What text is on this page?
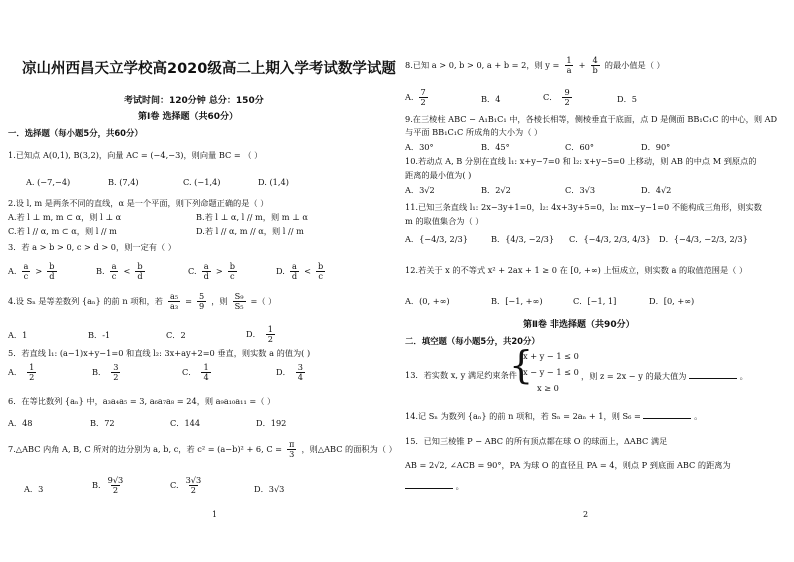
凉山州西昌天立学校高2020级高二上期入学考试数学试题
考试时间：120分钟 总分：150分
第Ⅰ卷 选择题（共60分）
一．选择题（每小题5分，共60分）
1.已知点 A(0,1), B(3,2)，向量 AC = (−4,−3)，则向量 BC = （ ）
A. (−7,−4)	B. (7,4)	C. (−1,4)	D. (1,4)
2.设 l, m 是两条不同的直线，α 是一个平面，则下列命题正确的是（ ）
A.若 l ⊥ m, m ⊂ α，则 l ⊥ α	B.若 l ⊥ α, l // m，则 m ⊥ α
C.若 l // α, m ⊂ α，则 l // m	D.若 l // α, m // α，则 l // m
3．若 a > b > 0, c > d > 0，则一定有（ ）
A. $\frac{a}{c} > \frac{b}{d}$	B. $\frac{a}{c} < \frac{b}{d}$	C. $\frac{a}{d} > \frac{b}{c}$	D. $\frac{a}{d} < \frac{b}{c}$
4.设 Sₙ 是等差数列 {aₙ} 的前 n 项和，若 $\frac{\text{a₅}}{\text{a₃}} = \frac{5}{9}$ ，则 $\frac{\text{S₉}}{\text{S₅}}$ =（ ）
A．1	B．-1	C．2	D． $\frac{1}{2}$
5．若直线 l₁: (a−1)x+y−1=0 和直线 l₂: 3x+ay+2=0 垂直，则实数 a 的值为( )
A． $\frac{1}{2}$	B． $\frac{3}{2}$	C． $\frac{1}{4}$	D． $\frac{3}{4}$
6．在等比数列 {aₙ} 中，a₃a₄a₅ = 3, a₆a₇a₈ = 24，则 a₉a₁₀a₁₁ =（ ）
A．48	B．72	C．144	D．192
7.△ABC 内角 A, B, C 所对的边分别为 a, b, c，若 c² = (a−b)² + 6, $C = \frac{\pi}{3}$ ，则△ABC 的面积为（ ）
A．3	B. $\frac{9√3}{2}$	C. $\frac{3√3}{2}$	D．3√3
1
8.已知 a > 0, b > 0, a + b = 2，则 $y = \frac{1}{a} + \frac{4}{b}$ 的最小值是（ ）
A. $\frac{7}{2}$	B．4	C． $\frac{9}{2}$	D．5
9.在三棱柱 ABC − A₁B₁C₁ 中，各棱长相等，侧棱垂直于底面，点 D 是侧面 BB₁C₁C 的中心，则 AD
与平面 BB₁C₁C 所成角的大小为（ ）
A．30°	B．45°	C．60°	D．90°
10.若动点 A, B 分别在直线 l₁: x+y−7=0 和 l₂: x+y−5=0 上移动，则 AB 的中点 M 到原点的
距离的最小值为( )
A．3√2	B．2√2	C．3√3	D．4√2
11.已知三条直线 l₁: 2x−3y+1=0，l₂: 4x+3y+5=0，l₃: mx−y−1=0 不能构成三角形，则实数
m 的取值集合为（ ）
A．{−4/3, 2/3}	B．{4/3, −2/3} C．{−4/3, 2/3, 4/3} D．{−4/3, −2/3, 2/3}
12.若关于 x 的不等式 x² + 2ax + 1 ≥ 0 在 [0, +∞) 上恒成立，则实数 a 的取值范围是（ ）
A．(0, +∞)	B．[−1, +∞)	C．[−1, 1]	D．[0, +∞)
第Ⅱ卷 非选择题（共90分）
二．填空题（每小题5分，共20分）
13．若实数 x, y 满足约束条件
{
x + y − 1 ≤ 0
x − y − 1 ≤ 0
x ≥ 0
，则 z = 2x − y 的最大值为	。
14.记 Sₙ 为数列 {aₙ} 的前 n 项和，若 Sₙ = 2aₙ + 1，则 S₆ =	。
15．已知三棱锥 P − ABC 的所有顶点都在球 O 的球面上，ΔABC 满足
AB = 2√2, ∠ACB = 90°，PA 为球 O 的直径且 PA = 4，则点 P 到底面 ABC 的距离为
。
2
